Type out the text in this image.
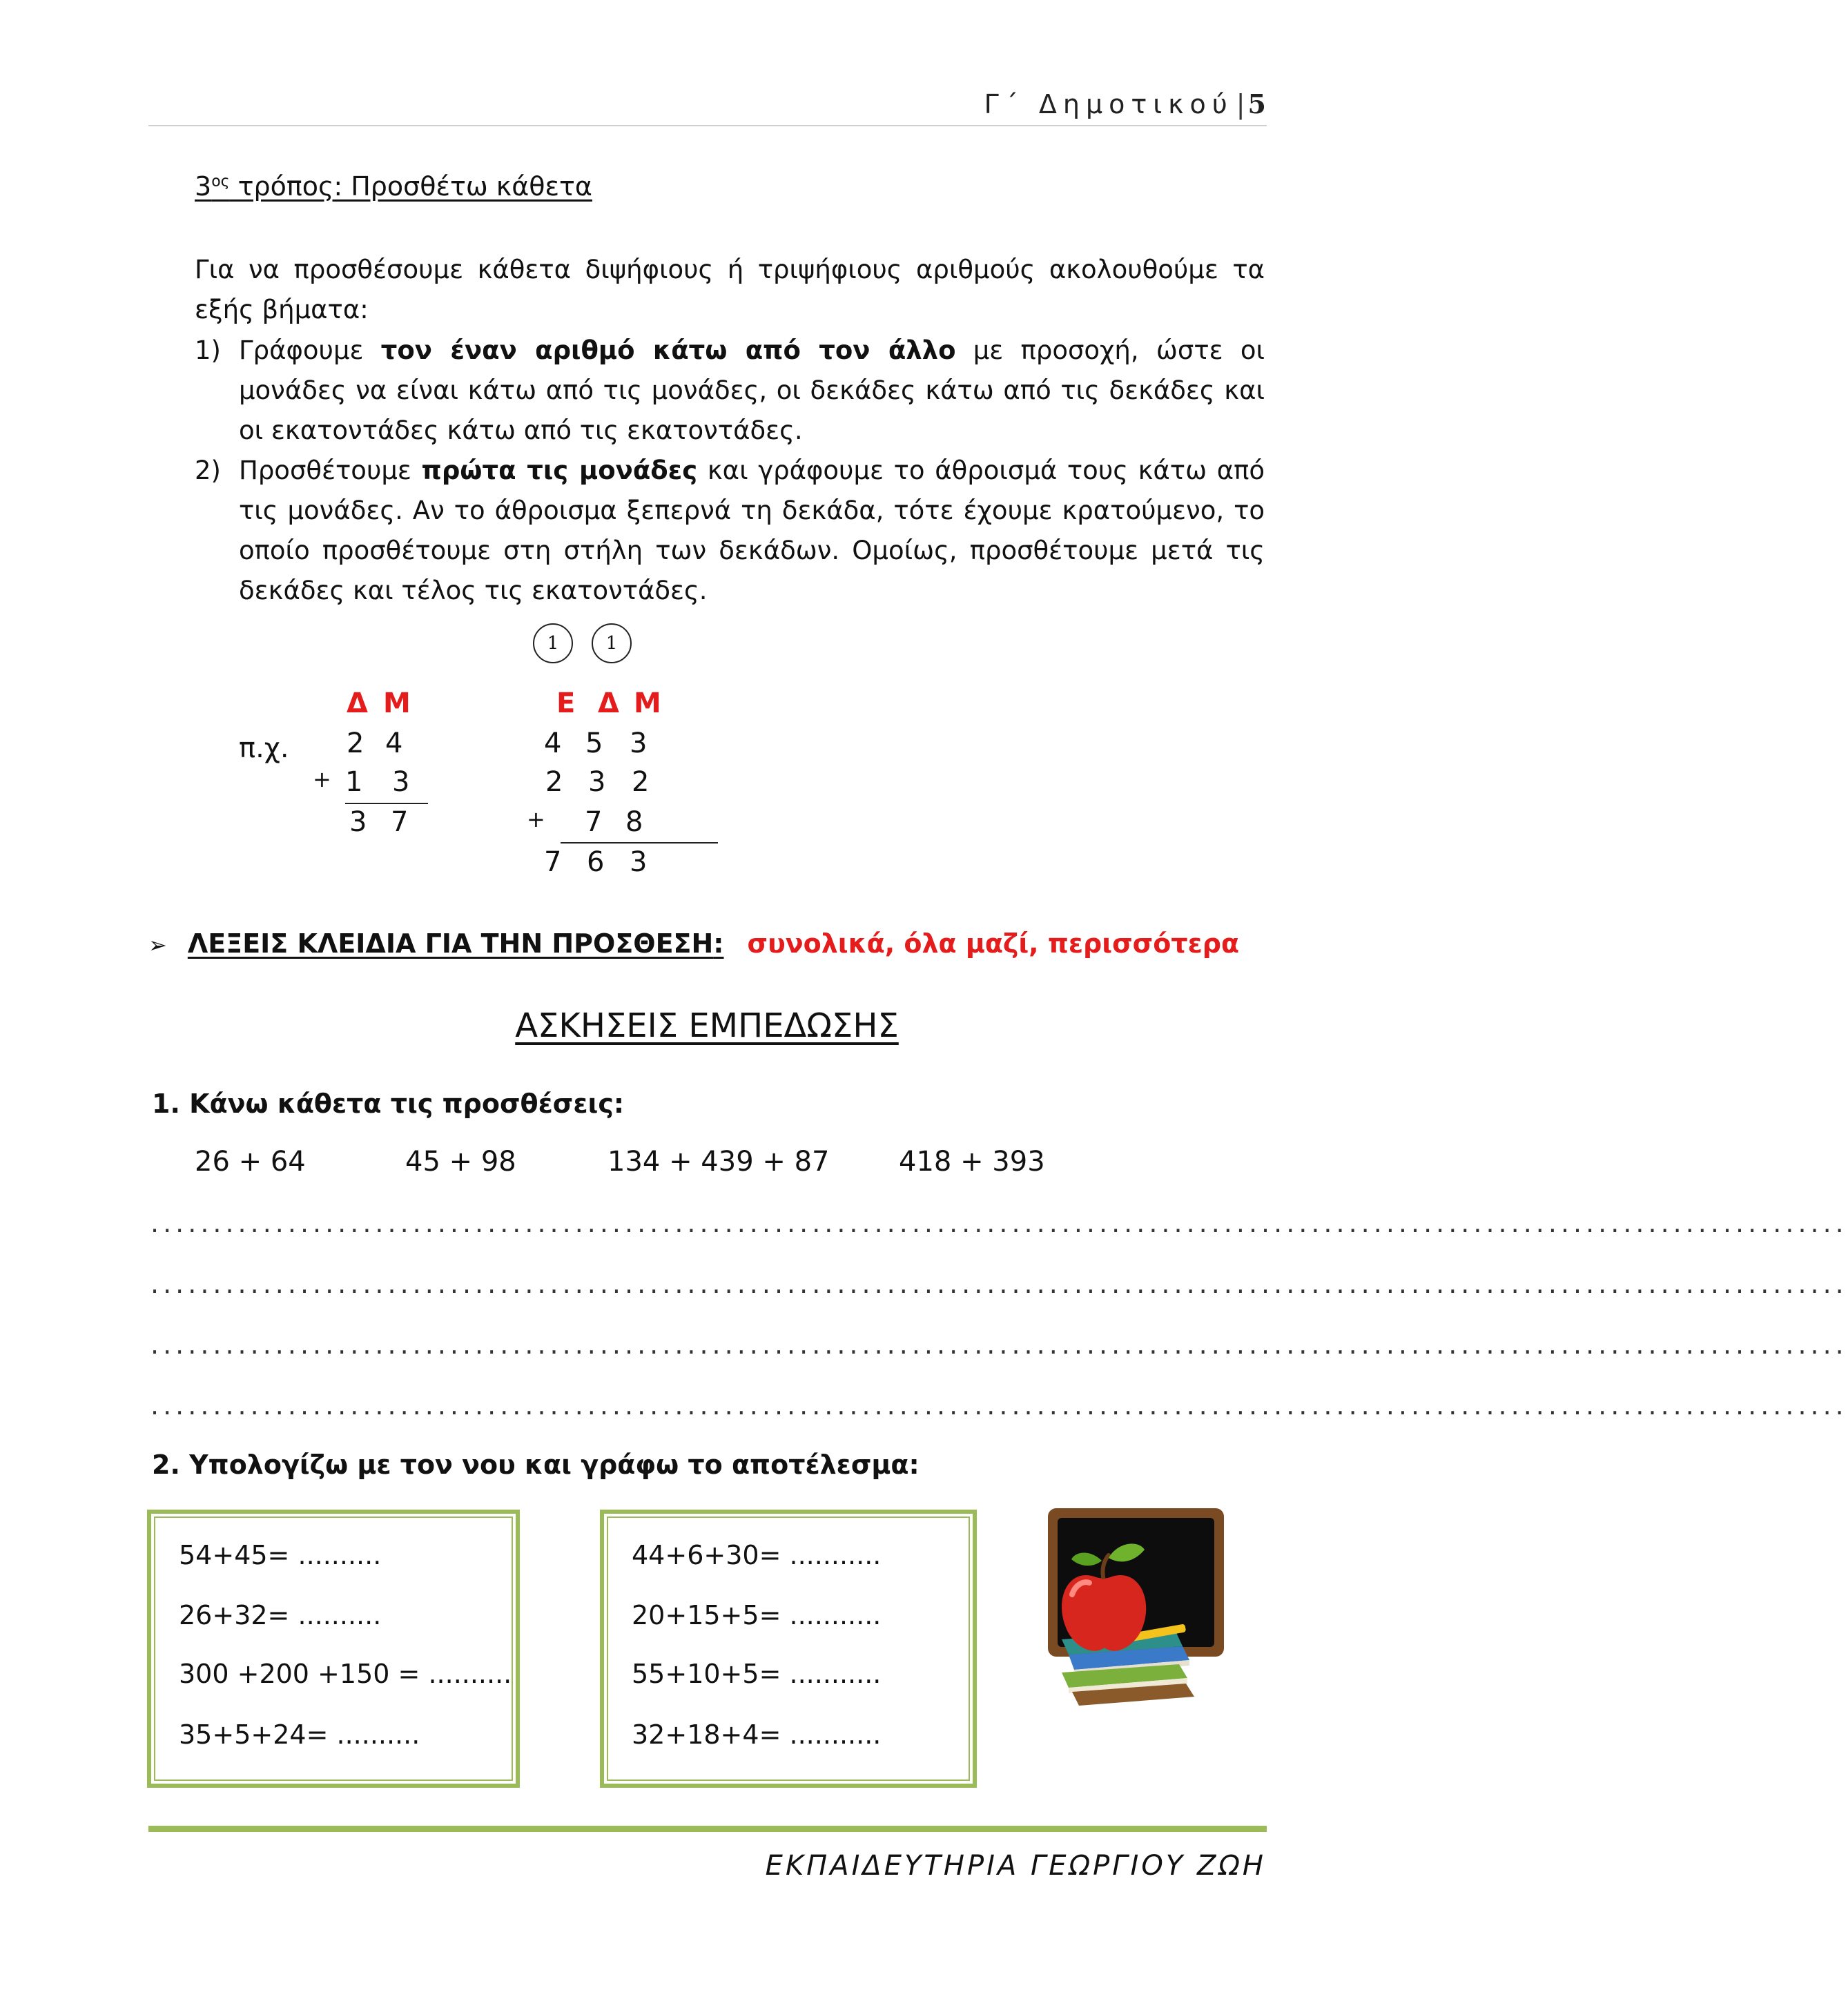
Γ΄ Δημοτικού | 5
$3^{o\varsigma}$ τρόπος: Προσθέτω κάθετα
Για να προσθέσουμε κάθετα διψήφιους ή τριψήφιους αριθμούς ακολουθούμε τα εξής βήματα:
1) Γράφουμε τον έναν αριθμό κάτω από τον άλλο με προσοχή, ώστε οι μονάδες να είναι κάτω από τις μονάδες, οι δεκάδες κάτω από τις δεκάδες και οι εκατοντάδες κάτω από τις εκατοντάδες.
2) Προσθέτουμε πρώτα τις μονάδες και γράφουμε το άθροισμά τους κάτω από τις μονάδες. Αν το άθροισμα ξεπερνά τη δεκάδα, τότε έχουμε κρατούμενο, το οποίο προσθέτουμε στη στήλη των δεκάδων. Ομοίως, προσθέτουμε μετά τις δεκάδες και τέλος τις εκατοντάδες.
π.χ.
Δ Μ
2 4
+ 1 3
3 7
1	1
Ε Δ Μ
4 5 3
2 3 2
+ 7 8
7 6 3
➢ ΛΕΞΕΙΣ ΚΛΕΙΔΙΑ ΓΙΑ ΤΗΝ ΠΡΟΣΘΕΣΗ: συνολικά, όλα μαζί, περισσότερα
ΑΣΚΗΣΕΙΣ ΕΜΠΕΔΩΣΗΣ
1. Κάνω κάθετα τις προσθέσεις:
26 + 64	45 + 98	134 + 439 + 87	418 + 393
........................................................................................................................................
........................................................................................................................................
........................................................................................................................................
........................................................................................................................................
2. Υπολογίζω με τον νου και γράφω το αποτέλεσμα:
54+45= ..........
26+32= ..........
300 +200 +150 = ..........
35+5+24= ..........
44+6+30= ...........
20+15+5= ...........
55+10+5= ...........
32+18+4= ...........
ΕΚΠΑΙΔΕΥΤΗΡΙΑ ΓΕΩΡΓΙΟΥ ΖΩΗ
